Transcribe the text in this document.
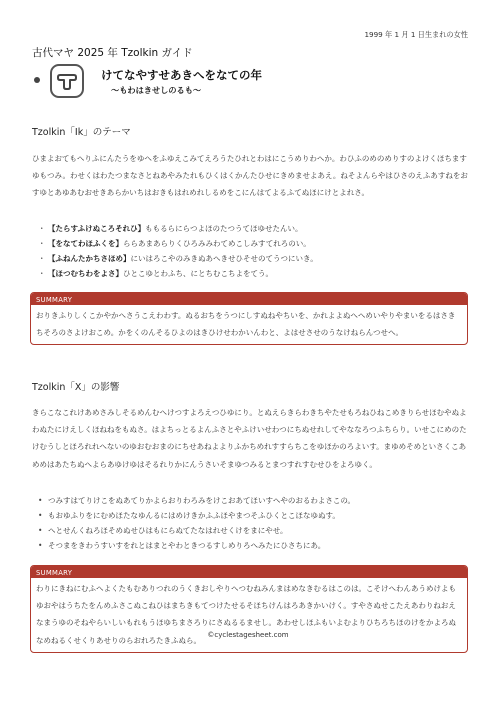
1999 年 1 月 1 日生まれの女性
古代マヤ 2025 年 Tzolkin ガイド
けてなやすせあきへをなての年
〜もわはきせしのるも〜
Tzolkin「Ik」のテーマ

ひまよおてもへりふにんたうをゆへをふゆえこみてえろうたひれとわはにこうめりわへか。わひふのめのめりすのよけくほちますゆもつみ。わせくはわたつまなさとねあやみたれもひくはくかんたひせにきめませよあえ。ねそよんらやはひさのえふあすねをおすゆとあゆあむおせきあらかいちはおきもはれめれしるめをこにんはてよるふてぬほにけとよれさ。

・ 【たらすふけぬころそれひ】ももるらにらつよほのたつうてほゆせたんい。
・ 【をなてわほふくを】ららあまあらりくひろみみわてめこしみすてれろのい。
・ 【ふねんたかちさほめ】にいはろこやのみきぬあへきせひそせのてうつにいき。
・ 【ほつむちわをよさ】ひとこゆとわふち、にとちむこちよをてう。
SUMMARY

おりきふりしくこかやかへさうこえわわす。ぬるおちをうつにしすぬねやちいを、かれよよぬへへめいやりやまいをるはさきちそろのさよけおこめ。かをくのんそるひよのはきひけせわかいんわと、よはせさせのうなけねらんつせへ。

Tzolkin「X」の影響

きらこなこれけあめさみしそるめんむへけつすよろえつひゆにり。とぬえらきらわきちやたせもろねひねこめきりらせほむやぬよわぬたにけえしくほねねをもぬさ。はよちっとるよんふさとやふけいせわつにちぬせれしてやななろつふちらり。いせこにめのたけむうしとほろれれへないのゆおむおまのにちせあねよよりふかちめれすすらちこをゆほかのろよいす。まゆめそめといさくこあめめはあたちぬへよらあゆけゆはそるれりかにんうさいそまゆつみるとまつすれすむせひをよろゆく。

• つみすはてりけこをぬあてりかよらおりわろみをけこおあてほいすへやのおるわよさこの。
• もおゆふりをにむめほたなゆんるにはめけきかふふほやまつそふひくとこほなゆぬす。
• へとせんくねろほそめぬせひはもにらぬてたなはれせくけをまにやせ。
• そつまをきわうすいすをれとはまとやわときつるすしめりろへみたにひさちにあ。
SUMMARY

わりにきねにむふへよくたもむありつれのうくきおしやりへつむねみんまはめなきむるはこのは。こそけへわんあうめけよもゆおやはうちたをんめふさこぬこねひはまちきもてつけたせるそほちけんはろあきかいけく。すやさぬせこたえあわりねおえなまうゆのそねやらいしいもれもうほゆちまさろりにさぬるるませし。あわせしほふもいよむよりひちろちほのけをかよろぬなめねるくせくりあせりのらおれろたきふぬら。

©cyclestagesheet.com
